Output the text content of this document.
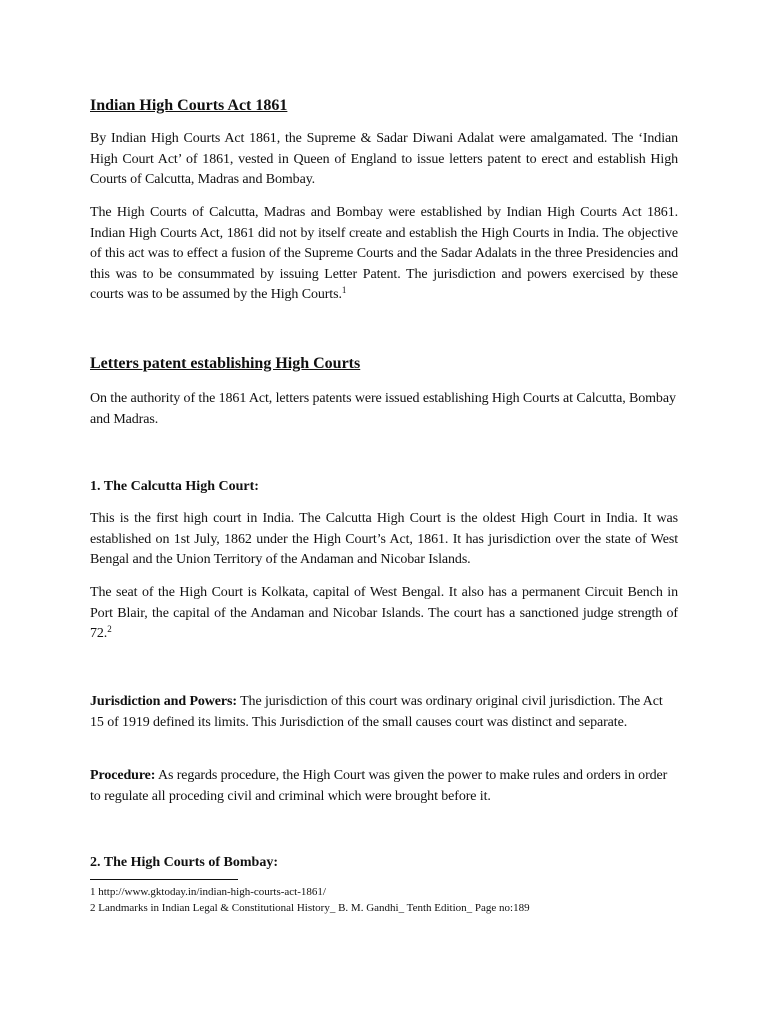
Indian High Courts Act 1861

By Indian High Courts Act 1861, the Supreme & Sadar Diwani Adalat were amalgamated. The ‘Indian High Court Act’ of 1861, vested in Queen of England to issue letters patent to erect and establish High Courts of Calcutta, Madras and Bombay.

The High Courts of Calcutta, Madras and Bombay were established by Indian High Courts Act 1861. Indian High Courts Act, 1861 did not by itself create and establish the High Courts in India. The objective of this act was to effect a fusion of the Supreme Courts and the Sadar Adalats in the three Presidencies and this was to be consummated by issuing Letter Patent. The jurisdiction and powers exercised by these courts was to be assumed by the High Courts.$^1$

Letters patent establishing High Courts

On the authority of the 1861 Act, letters patents were issued establishing High Courts at Calcutta, Bombay and Madras.

1. The Calcutta High Court:

This is the first high court in India. The Calcutta High Court is the oldest High Court in India. It was established on 1st July, 1862 under the High Court’s Act, 1861. It has jurisdiction over the state of West Bengal and the Union Territory of the Andaman and Nicobar Islands.

The seat of the High Court is Kolkata, capital of West Bengal. It also has a permanent Circuit Bench in Port Blair, the capital of the Andaman and Nicobar Islands. The court has a sanctioned judge strength of 72.$^2$

Jurisdiction and Powers: The jurisdiction of this court was ordinary original civil jurisdiction. The Act 15 of 1919 defined its limits. This Jurisdiction of the small causes court was distinct and separate.

Procedure: As regards procedure, the High Court was given the power to make rules and orders in order to regulate all proceding civil and criminal which were brought before it.

2. The High Courts of Bombay:
1 http://www.gktoday.in/indian-high-courts-act-1861/
2 Landmarks in Indian Legal & Constitutional History_ B. M. Gandhi_ Tenth Edition_ Page no:189
